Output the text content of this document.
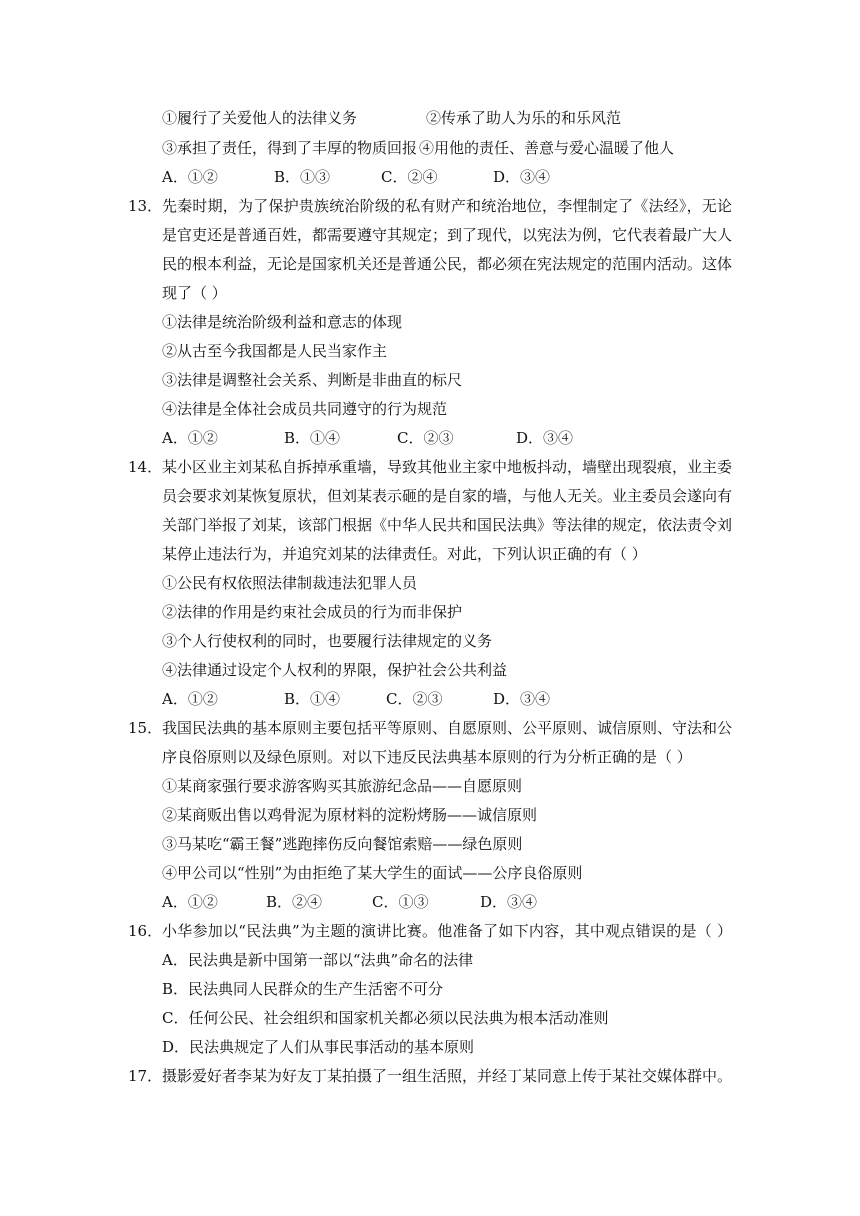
①履行了关爱他人的法律义务	②传承了助人为乐的和乐风范
③承担了责任，得到了丰厚的物质回报 ④用他的责任、善意与爱心温暖了他人
A．①②	B．①③	C．②④	D．③④
13． 先秦时期，为了保护贵族统治阶级的私有财产和统治地位，李悝制定了《法经》，无论
是官吏还是普通百姓，都需要遵守其规定；到了现代，以宪法为例，它代表着最广大人
民的根本利益，无论是国家机关还是普通公民，都必须在宪法规定的范围内活动。这体
现了（ ）
①法律是统治阶级利益和意志的体现
②从古至今我国都是人民当家作主
③法律是调整社会关系、判断是非曲直的标尺
④法律是全体社会成员共同遵守的行为规范
A．①②	B．①④	C．②③	D．③④
14． 某小区业主刘某私自拆掉承重墙，导致其他业主家中地板抖动，墙壁出现裂痕，业主委
员会要求刘某恢复原状，但刘某表示砸的是自家的墙，与他人无关。业主委员会遂向有
关部门举报了刘某，该部门根据《中华人民共和国民法典》等法律的规定，依法责令刘
某停止违法行为，并追究刘某的法律责任。对此，下列认识正确的有（ ）
①公民有权依照法律制裁违法犯罪人员
②法律的作用是约束社会成员的行为而非保护
③个人行使权利的同时，也要履行法律规定的义务
④法律通过设定个人权利的界限，保护社会公共利益
A．①②	B．①④	C．②③	D．③④
15． 我国民法典的基本原则主要包括平等原则、自愿原则、公平原则、诚信原则、守法和公
序良俗原则以及绿色原则。对以下违反民法典基本原则的行为分析正确的是（ ）
①某商家强行要求游客购买其旅游纪念品——自愿原则
②某商贩出售以鸡骨泥为原材料的淀粉烤肠——诚信原则
③马某吃“霸王餐”逃跑摔伤反向餐馆索赔——绿色原则
④甲公司以“性别”为由拒绝了某大学生的面试——公序良俗原则
A．①②	B．②④	C．①③	D．③④
16． 小华参加以“民法典”为主题的演讲比赛。他准备了如下内容，其中观点错误的是（ ）
A．民法典是新中国第一部以“法典”命名的法律
B．民法典同人民群众的生产生活密不可分
C．任何公民、社会组织和国家机关都必须以民法典为根本活动准则
D．民法典规定了人们从事民事活动的基本原则
17． 摄影爱好者李某为好友丁某拍摄了一组生活照，并经丁某同意上传于某社交媒体群中。
